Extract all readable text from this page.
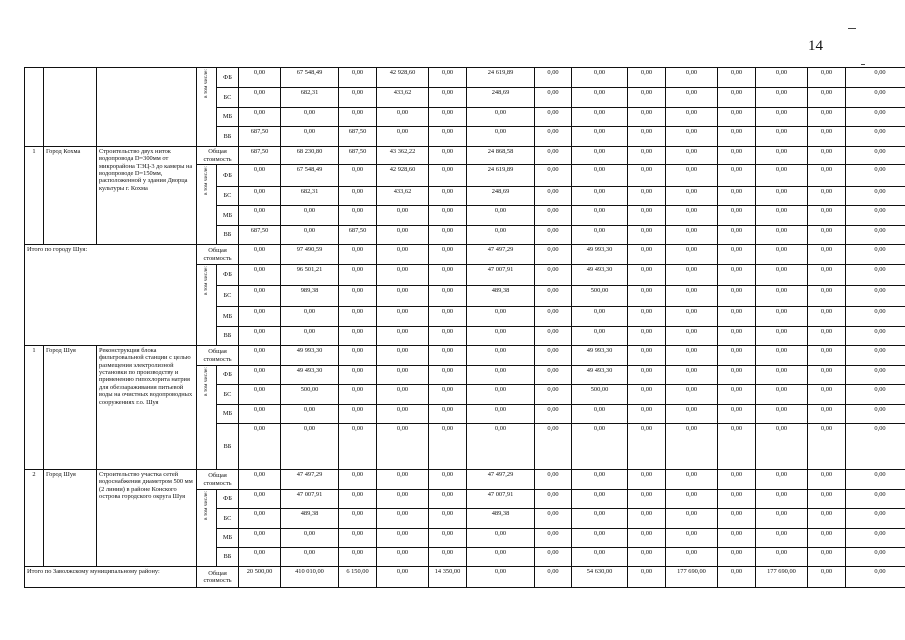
14
			в том числе:	ФБ	0,00	67 548,49	0,00	42 928,60	0,00	24 619,89	0,00	0,00	0,00	0,00	0,00	0,00	0,00	0,00
				БС	0,00	682,31	0,00	433,62	0,00	248,69	0,00	0,00	0,00	0,00	0,00	0,00	0,00	0,00
				МБ	0,00	0,00	0,00	0,00	0,00	0,00	0,00	0,00	0,00	0,00	0,00	0,00	0,00	0,00
				ВБ	687,50	0,00	687,50	0,00	0,00	0,00	0,00	0,00	0,00	0,00	0,00	0,00	0,00	0,00
1	Город Кохма	Строительство двух ниток водопровода D=300мм от микрорайона ТЭЦ-3 до камеры на водопроводе D=150мм, расположенной у здания Дворца культуры г. Кохма	Общая стоимость		687,50	68 230,80	687,50	43 362,22	0,00	24 868,58	0,00	0,00	0,00	0,00	0,00	0,00	0,00	0,00
			в том числе:	ФБ	0,00	67 548,49	0,00	42 928,60	0,00	24 619,89	0,00	0,00	0,00	0,00	0,00	0,00	0,00	0,00
				БС	0,00	682,31	0,00	433,62	0,00	248,69	0,00	0,00	0,00	0,00	0,00	0,00	0,00	0,00
				МБ	0,00	0,00	0,00	0,00	0,00	0,00	0,00	0,00	0,00	0,00	0,00	0,00	0,00	0,00
				ВБ	687,50	0,00	687,50	0,00	0,00	0,00	0,00	0,00	0,00	0,00	0,00	0,00	0,00	0,00
Итого по городу Шуя:			Общая стоимость		0,00	97 490,59	0,00	0,00	0,00	47 497,29	0,00	49 993,30	0,00	0,00	0,00	0,00	0,00	0,00
			в том числе:	ФБ	0,00	96 501,21	0,00	0,00	0,00	47 007,91	0,00	49 493,30	0,00	0,00	0,00	0,00	0,00	0,00
				БС	0,00	989,38	0,00	0,00	0,00	489,38	0,00	500,00	0,00	0,00	0,00	0,00	0,00	0,00
				МБ	0,00	0,00	0,00	0,00	0,00	0,00	0,00	0,00	0,00	0,00	0,00	0,00	0,00	0,00
				ВБ	0,00	0,00	0,00	0,00	0,00	0,00	0,00	0,00	0,00	0,00	0,00	0,00	0,00	0,00
1	Город Шуя	Реконструкция блока фильтровальной станции с целью размещения электролизной установки по производству и применению гипохлорита натрия для обеззараживания питьевой воды на очистных водопроводных сооружениях г.о. Шуя	Общая стоимость		0,00	49 993,30	0,00	0,00	0,00	0,00	0,00	49 993,30	0,00	0,00	0,00	0,00	0,00	0,00
			в том числе:	ФБ	0,00	49 493,30	0,00	0,00	0,00	0,00	0,00	49 493,30	0,00	0,00	0,00	0,00	0,00	0,00
				БС	0,00	500,00	0,00	0,00	0,00	0,00	0,00	500,00	0,00	0,00	0,00	0,00	0,00	0,00
				МБ	0,00	0,00	0,00	0,00	0,00	0,00	0,00	0,00	0,00	0,00	0,00	0,00	0,00	0,00
				ВБ	0,00	0,00	0,00	0,00	0,00	0,00	0,00	0,00	0,00	0,00	0,00	0,00	0,00	0,00
2	Город Шуя	Строительство участка сетей водоснабжения диаметром 500 мм (2 линии) в районе Конского острова городского округа Шуя	Общая стоимость		0,00	47 497,29	0,00	0,00	0,00	47 497,29	0,00	0,00	0,00	0,00	0,00	0,00	0,00	0,00
			в том числе:	ФБ	0,00	47 007,91	0,00	0,00	0,00	47 007,91	0,00	0,00	0,00	0,00	0,00	0,00	0,00	0,00
				БС	0,00	489,38	0,00	0,00	0,00	489,38	0,00	0,00	0,00	0,00	0,00	0,00	0,00	0,00
				МБ	0,00	0,00	0,00	0,00	0,00	0,00	0,00	0,00	0,00	0,00	0,00	0,00	0,00	0,00
				ВБ	0,00	0,00	0,00	0,00	0,00	0,00	0,00	0,00	0,00	0,00	0,00	0,00	0,00	0,00
Итого по Заволжскому муниципальному району:			Общая стоимость		20 500,00	410 010,00	6 150,00	0,00	14 350,00	0,00	0,00	54 630,00	0,00	177 690,00	0,00	177 690,00	0,00	0,00
